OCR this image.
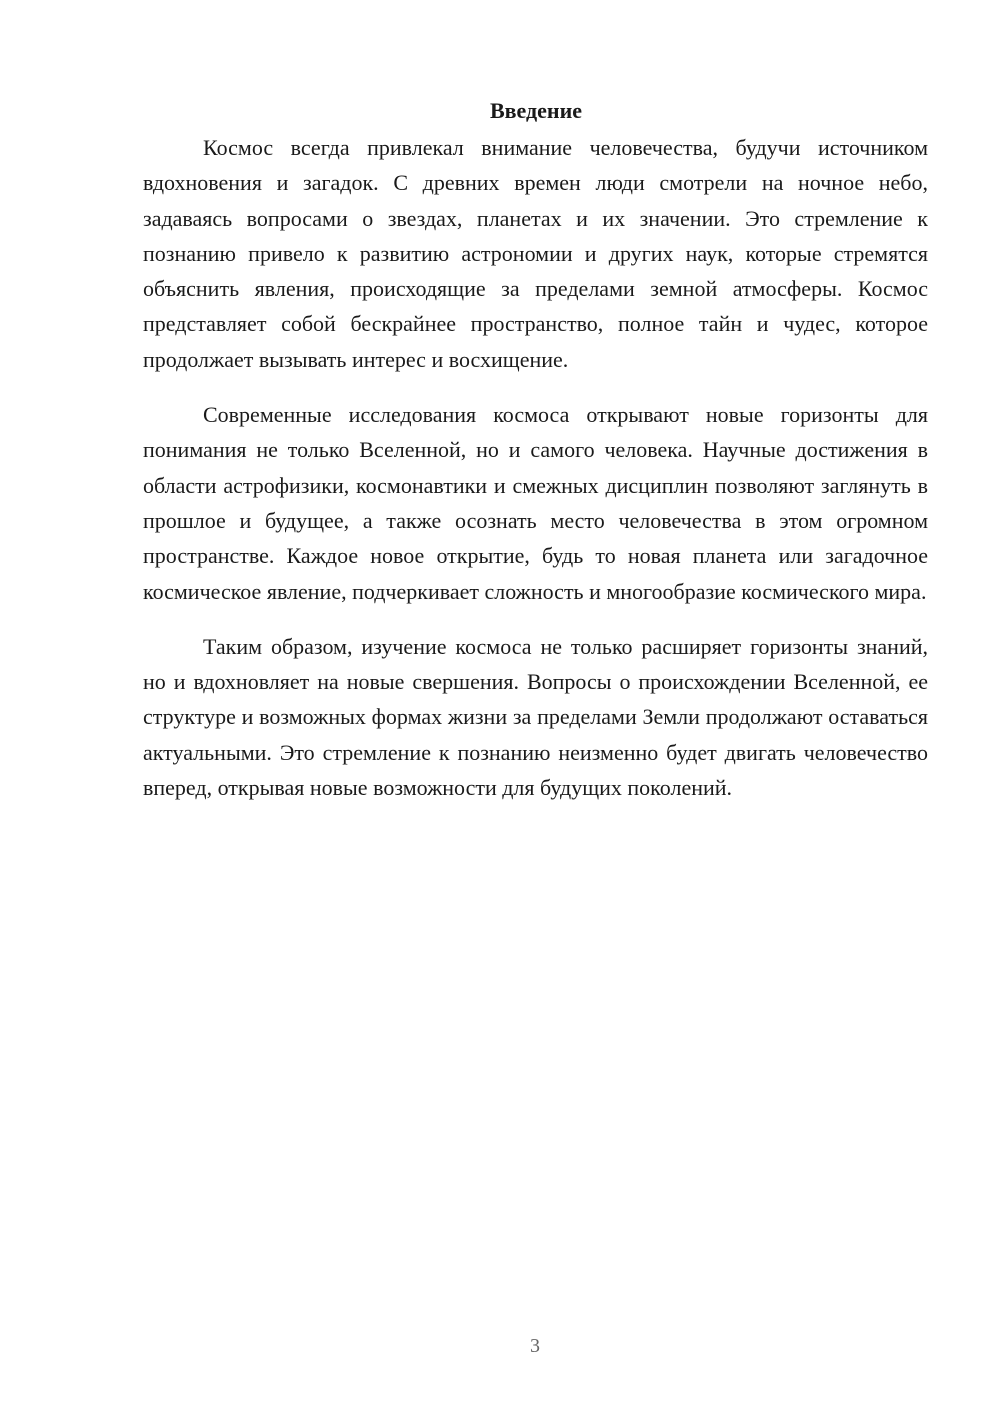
Введение

Космос всегда привлекал внимание человечества, будучи источником вдохновения и загадок. С древних времен люди смотрели на ночное небо, задаваясь вопросами о звездах, планетах и их значении. Это стремление к познанию привело к развитию астрономии и других наук, которые стремятся объяснить явления, происходящие за пределами земной атмосферы. Космос представляет собой бескрайнее пространство, полное тайн и чудес, которое продолжает вызывать интерес и восхищение.

Современные исследования космоса открывают новые горизонты для понимания не только Вселенной, но и самого человека. Научные достижения в области астрофизики, космонавтики и смежных дисциплин позволяют заглянуть в прошлое и будущее, а также осознать место человечества в этом огромном пространстве. Каждое новое открытие, будь то новая планета или загадочное космическое явление, подчеркивает сложность и многообразие космического мира.

Таким образом, изучение космоса не только расширяет горизонты знаний, но и вдохновляет на новые свершения. Вопросы о происхождении Вселенной, ее структуре и возможных формах жизни за пределами Земли продолжают оставаться актуальными. Это стремление к познанию неизменно будет двигать человечество вперед, открывая новые возможности для будущих поколений.

3
